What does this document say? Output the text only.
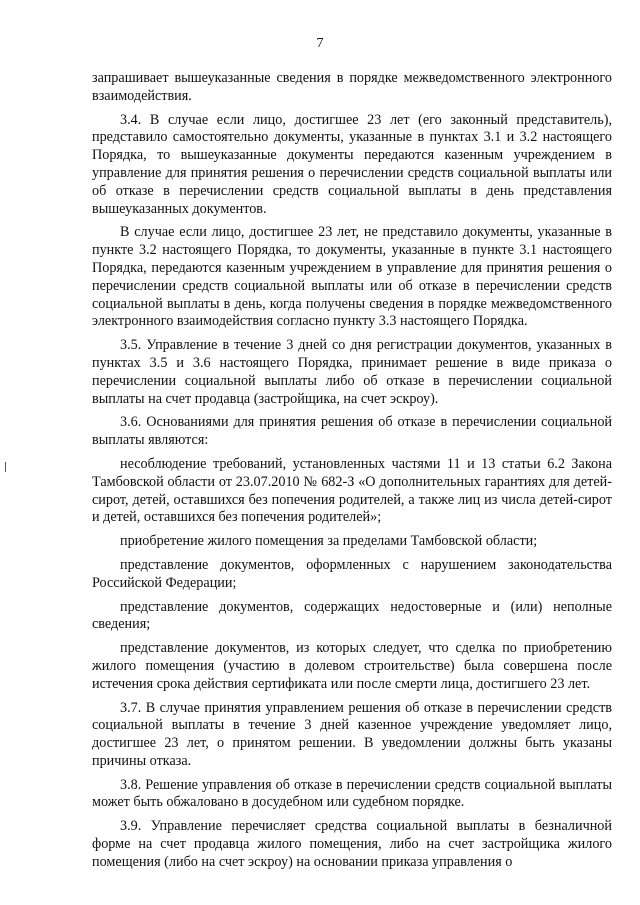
7

запрашивает вышеуказанные сведения в порядке межведомственного электронного взаимодействия.

3.4. В случае если лицо, достигшее 23 лет (его законный представитель), представило самостоятельно документы, указанные в пунктах 3.1 и 3.2 настоящего Порядка, то вышеуказанные документы передаются казенным учреждением в управление для принятия решения о перечислении средств социальной выплаты или об отказе в перечислении средств социальной выплаты в день представления вышеуказанных документов.

В случае если лицо, достигшее 23 лет, не представило документы, указанные в пункте 3.2 настоящего Порядка, то документы, указанные в пункте 3.1 настоящего Порядка, передаются казенным учреждением в управление для принятия решения о перечислении средств социальной выплаты или об отказе в перечислении средств социальной выплаты в день, когда получены сведения в порядке межведомственного электронного взаимодействия согласно пункту 3.3 настоящего Порядка.

3.5. Управление в течение 3 дней со дня регистрации документов, указанных в пунктах 3.5 и 3.6 настоящего Порядка, принимает решение в виде приказа о перечислении социальной выплаты либо об отказе в перечислении социальной выплаты на счет продавца (застройщика, на счет эскроу).

3.6. Основаниями для принятия решения об отказе в перечислении социальной выплаты являются:

несоблюдение требований, установленных частями 11 и 13 статьи 6.2 Закона Тамбовской области от 23.07.2010 № 682-З «О дополнительных гарантиях для детей-сирот, детей, оставшихся без попечения родителей, а также лиц из числа детей-сирот и детей, оставшихся без попечения родителей»;

приобретение жилого помещения за пределами Тамбовской области;

представление документов, оформленных с нарушением законодательства Российской Федерации;

представление документов, содержащих недостоверные и (или) неполные сведения;

представление документов, из которых следует, что сделка по приобретению жилого помещения (участию в долевом строительстве) была совершена после истечения срока действия сертификата или после смерти лица, достигшего 23 лет.

3.7. В случае принятия управлением решения об отказе в перечислении средств социальной выплаты в течение 3 дней казенное учреждение уведомляет лицо, достигшее 23 лет, о принятом решении. В уведомлении должны быть указаны причины отказа.

3.8. Решение управления об отказе в перечислении средств социальной выплаты может быть обжаловано в досудебном или судебном порядке.

3.9. Управление перечисляет средства социальной выплаты в безналичной форме на счет продавца жилого помещения, либо на счет застройщика жилого помещения (либо на счет эскроу) на основании приказа управления о
